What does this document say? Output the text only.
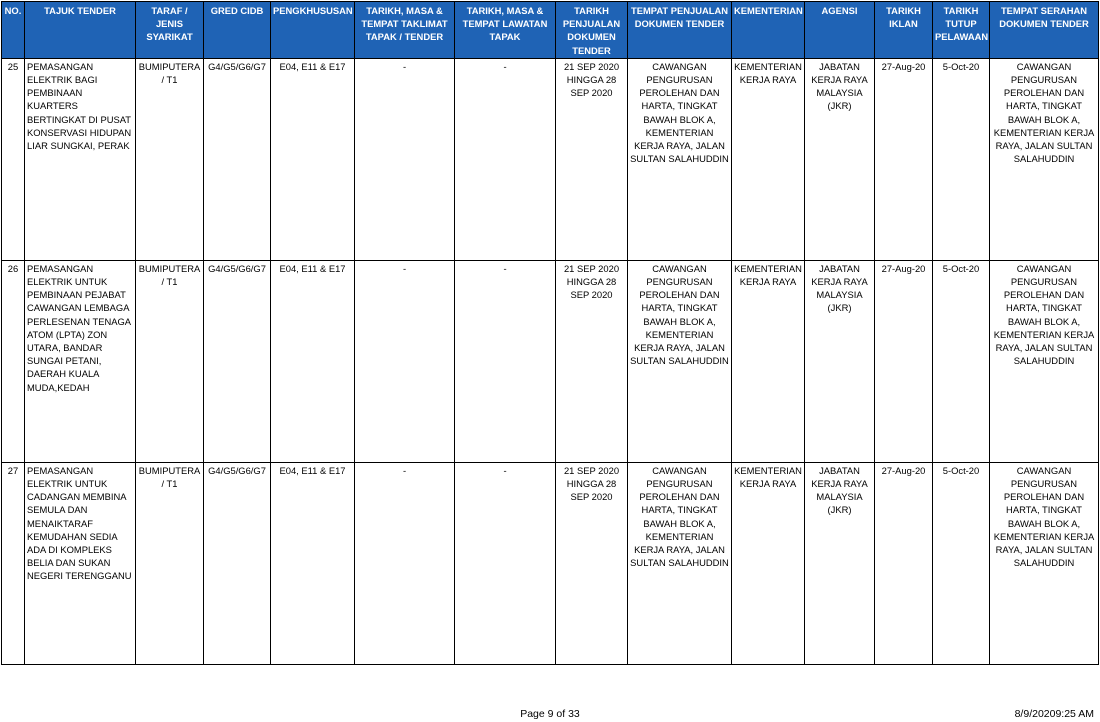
NO.	TAJUK TENDER	TARAF / JENIS SYARIKAT	GRED CIDB	PENGKHUSUSAN	TARIKH, MASA & TEMPAT TAKLIMAT TAPAK / TENDER	TARIKH, MASA & TEMPAT LAWATAN TAPAK	TARIKH PENJUALAN DOKUMEN TENDER	TEMPAT PENJUALAN DOKUMEN TENDER	KEMENTERIAN	AGENSI	TARIKH IKLAN	TARIKH TUTUP PELAWAAN	TEMPAT SERAHAN DOKUMEN TENDER
25	PEMASANGAN ELEKTRIK BAGI PEMBINAAN KUARTERS BERTINGKAT DI PUSAT KONSERVASI HIDUPAN LIAR SUNGKAI, PERAK	BUMIPUTERA / T1	G4/G5/G6/G7	E04, E11 & E17	-	-	21 SEP 2020 HINGGA 28 SEP 2020	CAWANGAN PENGURUSAN PEROLEHAN DAN HARTA, TINGKAT BAWAH BLOK A, KEMENTERIAN KERJA RAYA, JALAN SULTAN SALAHUDDIN	KEMENTERIAN KERJA RAYA	JABATAN KERJA RAYA MALAYSIA (JKR)	27-Aug-20	5-Oct-20	CAWANGAN PENGURUSAN PEROLEHAN DAN HARTA, TINGKAT BAWAH BLOK A, KEMENTERIAN KERJA RAYA, JALAN SULTAN SALAHUDDIN
26	PEMASANGAN ELEKTRIK UNTUK PEMBINAAN PEJABAT CAWANGAN LEMBAGA PERLESENAN TENAGA ATOM (LPTA) ZON UTARA, BANDAR SUNGAI PETANI, DAERAH KUALA MUDA,KEDAH	BUMIPUTERA / T1	G4/G5/G6/G7	E04, E11 & E17	-	-	21 SEP 2020 HINGGA 28 SEP 2020	CAWANGAN PENGURUSAN PEROLEHAN DAN HARTA, TINGKAT BAWAH BLOK A, KEMENTERIAN KERJA RAYA, JALAN SULTAN SALAHUDDIN	KEMENTERIAN KERJA RAYA	JABATAN KERJA RAYA MALAYSIA (JKR)	27-Aug-20	5-Oct-20	CAWANGAN PENGURUSAN PEROLEHAN DAN HARTA, TINGKAT BAWAH BLOK A, KEMENTERIAN KERJA RAYA, JALAN SULTAN SALAHUDDIN
27	PEMASANGAN ELEKTRIK UNTUK CADANGAN MEMBINA SEMULA DAN MENAIKTARAF KEMUDAHAN SEDIA ADA DI KOMPLEKS BELIA DAN SUKAN NEGERI TERENGGANU	BUMIPUTERA / T1	G4/G5/G6/G7	E04, E11 & E17	-	-	21 SEP 2020 HINGGA 28 SEP 2020	CAWANGAN PENGURUSAN PEROLEHAN DAN HARTA, TINGKAT BAWAH BLOK A, KEMENTERIAN KERJA RAYA, JALAN SULTAN SALAHUDDIN	KEMENTERIAN KERJA RAYA	JABATAN KERJA RAYA MALAYSIA (JKR)	27-Aug-20	5-Oct-20	CAWANGAN PENGURUSAN PEROLEHAN DAN HARTA, TINGKAT BAWAH BLOK A, KEMENTERIAN KERJA RAYA, JALAN SULTAN SALAHUDDIN
Page 9 of 33	8/9/20209:25 AM
